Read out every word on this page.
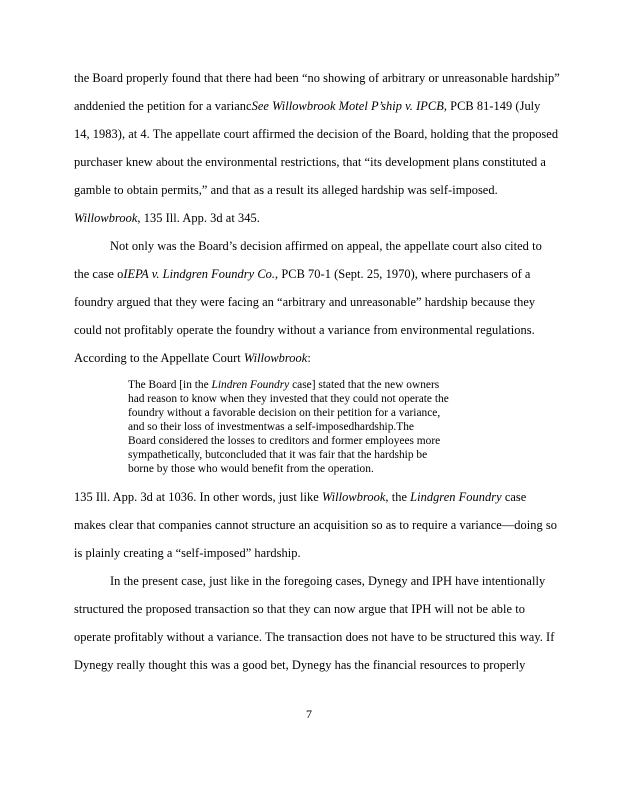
the Board properly found that there had been “no showing of arbitrary or unreasonable hardship”
anddenied the petition for a variancSee Willowbrook Motel P’ship v. IPCB, PCB 81-149 (July
14, 1983), at 4. The appellate court affirmed the decision of the Board, holding that the proposed
purchaser knew about the environmental restrictions, that “its development plans constituted a
gamble to obtain permits,” and that as a result its alleged hardship was self-imposed.
Willowbrook, 135 Ill. App. 3d at 345.
Not only was the Board’s decision affirmed on appeal, the appellate court also cited to
the case oIEPA v. Lindgren Foundry Co., PCB 70-1 (Sept. 25, 1970), where purchasers of a
foundry argued that they were facing an “arbitrary and unreasonable” hardship because they
could not profitably operate the foundry without a variance from environmental regulations.
According to the Appellate Court Willowbrook:
The Board [in the Lindren Foundry case] stated that the new owners
had reason to know when they invested that they could not operate the
foundry without a favorable decision on their petition for a variance,
and so their loss of investmentwas a self-imposedhardship.The
Board considered the losses to creditors and former employees more
sympathetically, butconcluded that it was fair that the hardship be
borne by those who would benefit from the operation.
135 Ill. App. 3d at 1036. In other words, just like Willowbrook, the Lindgren Foundry case
makes clear that companies cannot structure an acquisition so as to require a variance—doing so
is plainly creating a “self-imposed” hardship.
In the present case, just like in the foregoing cases, Dynegy and IPH have intentionally
structured the proposed transaction so that they can now argue that IPH will not be able to
operate profitably without a variance. The transaction does not have to be structured this way. If
Dynegy really thought this was a good bet, Dynegy has the financial resources to properly
7
